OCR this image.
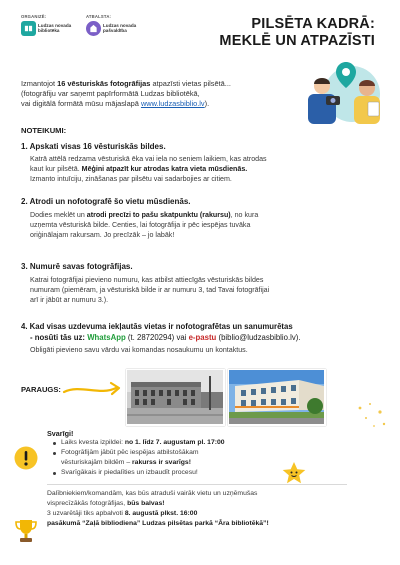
ORGANIZĒ:
Ludzas novada
bibliotēka
ATBALSTA:
Ludzas novada
pašvaldība	PILSĒTA KADRĀ:
MEKLĒ UN ATPAZĪSTI
Izmantojot 16 vēsturiskās fotogrāfijas atpazīsti vietas pilsētā...
(fotogrāfiju var saņemt papīrformātā Ludzas bibliotēkā,
vai digitālā formātā mūsu mājaslapā www.ludzasbiblio.lv).
NOTEIKUMI:
1. Apskati visas 16 vēsturiskās bildes.
Katrā attēlā redzama vēsturiskā ēka vai iela no seniem laikiem, kas atrodas
kaut kur pilsētā. Mēģini atpazīt kur atrodas katra vieta mūsdienās.
Izmanto intuīciju, zināšanas par pilsētu vai sadarbojies ar citiem.
2. Atrodi un nofotografē šo vietu mūsdienās.
Dodies meklēt un atrodi precīzi to pašu skatpunktu (rakursu), no kura
uzņemta vēsturiskā bilde. Centies, lai fotogrāfija ir pēc iespējas tuvāka
oriģinālajam rakursam. Jo precīzāk – jo labāk!
3. Numurē savas fotogrāfijas.
Katrai fotogrāfijai pievieno numuru, kas atbilst attiecīgās vēsturiskās bildes
numuram (piemēram, ja vēsturiskā bilde ir ar numuru 3, tad Tavai fotogrāfijai
arī ir jābūt ar numuru 3.).
4. Kad visas uzdevuma iekļautās vietas ir nofotografētas un sanumurētas
- nosūti tās uz: WhatsApp (t. 28720294) vai e-pastu (biblio@ludzasbiblio.lv).
Obligāti pievieno savu vārdu vai komandas nosaukumu un kontaktus.
PARAUGS:
Svarīgi!
Laiks kvesta izpildei: no 1. līdz 7. augustam pl. 17:00
Fotogrāfijām jābūt pēc iespējas atbilstošākam
vēsturiskajām bildēm – rakurss ir svarīgs!
Svarīgākais ir piedalīties un izbaudīt procesu!
Dalībniekiem/komandām, kas būs atraduši vairāk vietu un uzņēmušas
visprecīzākās fotogrāfijas, būs balvas!
3 uzvarētāji tiks apbalvoti 8. augustā plkst. 16:00
pasākumā “Zaļā bibliodiena” Ludzas pilsētas parkā “Āra bibliotēkā”!
